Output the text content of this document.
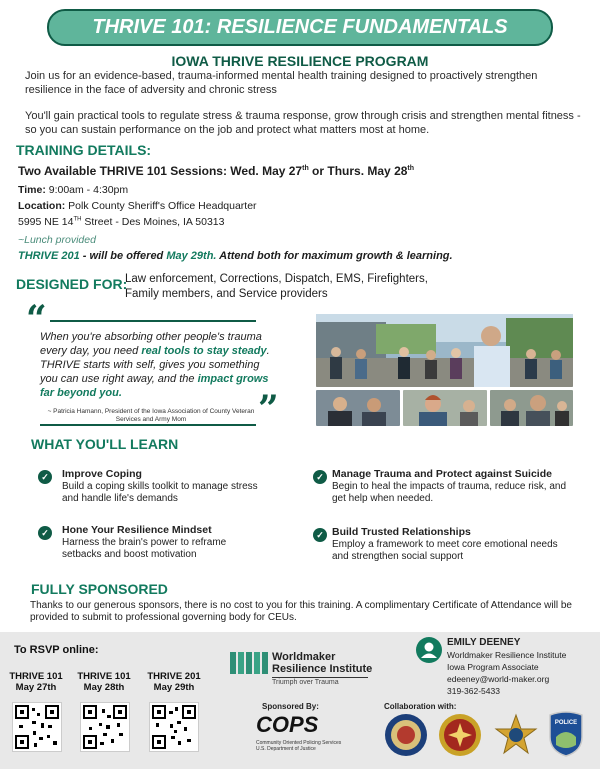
THRIVE 101: RESILIENCE FUNDAMENTALS
IOWA THRIVE RESILIENCE PROGRAM
Join us for an evidence-based, trauma-informed mental health training designed to proactively strengthen resilience in the face of adversity and chronic stress
You'll gain practical tools to regulate stress & trauma response, grow through crisis and strengthen mental fitness - so you can sustain performance on the job and protect what matters most at home.
TRAINING DETAILS:
Two Available THRIVE 101 Sessions: Wed. May 27th or Thurs. May 28th
Time: 9:00am - 4:30pm
Location: Polk County Sheriff's Office Headquarter
5995 NE 14TH Street - Des Moines, IA 50313
~Lunch provided
THRIVE 201 - will be offered May 29th. Attend both for maximum growth & learning.
DESIGNED FOR:
Law enforcement, Corrections, Dispatch, EMS, Firefighters,
Family members, and Service providers
“
When you're absorbing other people's trauma every day, you need real tools to stay steady. THRIVE starts with self, gives you something you can use right away, and the impact grows far beyond you.
~ Patricia Hamann, President of the Iowa Association of County Veteran Services and Army Mom	”
WHAT YOU'LL LEARN
✓	Improve Coping
Build a coping skills toolkit to manage stress and handle life's demands
✓ Manage Trauma and Protect against Suicide
Begin to heal the impacts of trauma, reduce risk, and get help when needed.
✓	Hone Your Resilience Mindset
Harness the brain's power to reframe setbacks and boost motivation
✓ Build Trusted Relationships
Employ a framework to meet core emotional needs and strengthen social support
FULLY SPONSORED
Thanks to our generous sponsors, there is no cost to you for this training. A complimentary Certificate of Attendance will be provided to submit to professional governing body for CEUs.
To RSVP online:
THRIVE 101
May 27th
THRIVE 101
May 28th
THRIVE 201
May 29th
Worldmaker
Resilience Institute
Triumph over Trauma
Sponsored By:
COPS
Community Oriented Policing Services
U.S. Department of Justice
Collaboration with:
POLICE
EMILY DEENEY
Worldmaker Resilience Institute
Iowa Program Associate
edeeney@world-maker.org
319-362-5433
